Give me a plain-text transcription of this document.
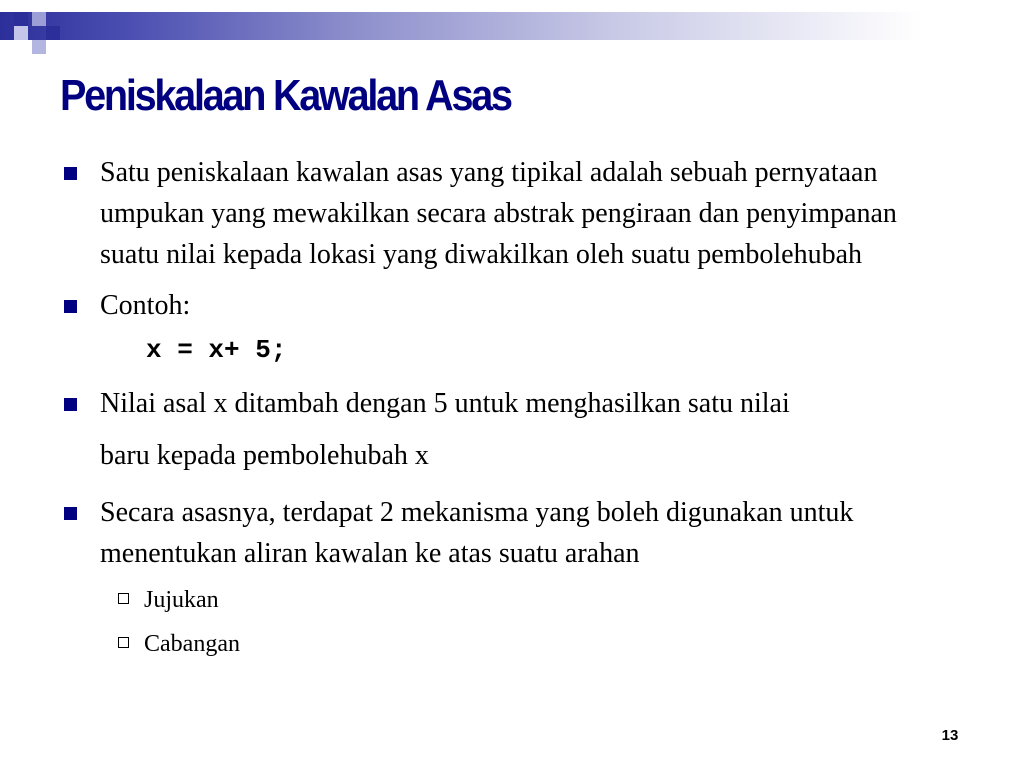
Peniskalaan Kawalan Asas
Satu peniskalaan kawalan asas yang tipikal adalah sebuah pernyataan umpukan yang mewakilkan secara abstrak pengiraan dan penyimpanan suatu nilai kepada lokasi yang diwakilkan oleh suatu pembolehubah
Contoh:
x = x+ 5;
Nilai asal x ditambah dengan 5 untuk menghasilkan satu nilai
baru kepada pembolehubah x
Secara asasnya, terdapat 2 mekanisma yang boleh digunakan untuk menentukan aliran kawalan ke atas suatu arahan
Jujukan
Cabangan
13
